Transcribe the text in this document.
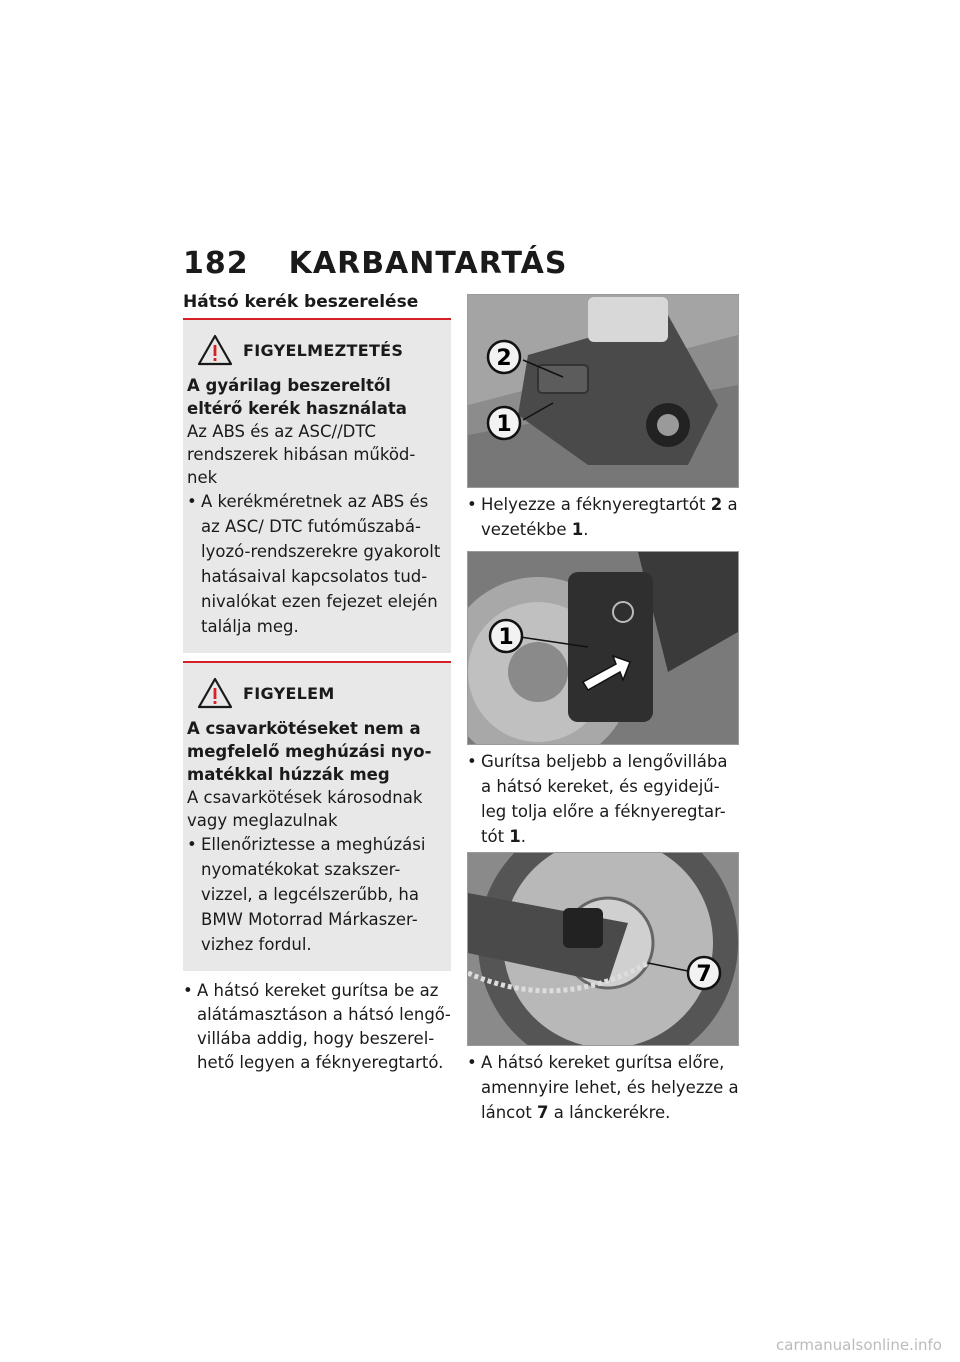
182 KARBANTARTÁS
Hátsó kerék beszerelése
FIGYELMEZTETÉS
A gyárilag beszereltől eltérő kerék használata
Az ABS és az ASC//DTC rendszerek hibásan működ-nek
• A kerékméretnek az ABS és az ASC/ DTC futóműszabá-lyozó-rendszerekre gyakorolt hatásaival kapcsolatos tud-nivalókat ezen fejezet elején találja meg.
FIGYELEM
A csavarkötéseket nem a megfelelő meghúzási nyo-matékkal húzzák meg
A csavarkötések károsodnak vagy meglazulnak
• Ellenőriztesse a meghúzási nyomatékokat szakszer-vizzel, a legcélszerűbb, ha BMW Motorrad Márkaszer-vizhez fordul.
• A hátsó kereket gurítsa be az alátámasztáson a hátsó lengő-villába addig, hogy beszerel-hető legyen a féknyeregtartó.
2
1
• Helyezze a féknyeregtartót 2 a vezetékbe 1.
1
• Gurítsa beljebb a lengővillába a hátsó kereket, és egyidejű-leg tolja előre a féknyeregtar-tót 1.
7
• A hátsó kereket gurítsa előre, amennyire lehet, és helyezze a láncot 7 a lánckerékre.
carmanualsonline.info
